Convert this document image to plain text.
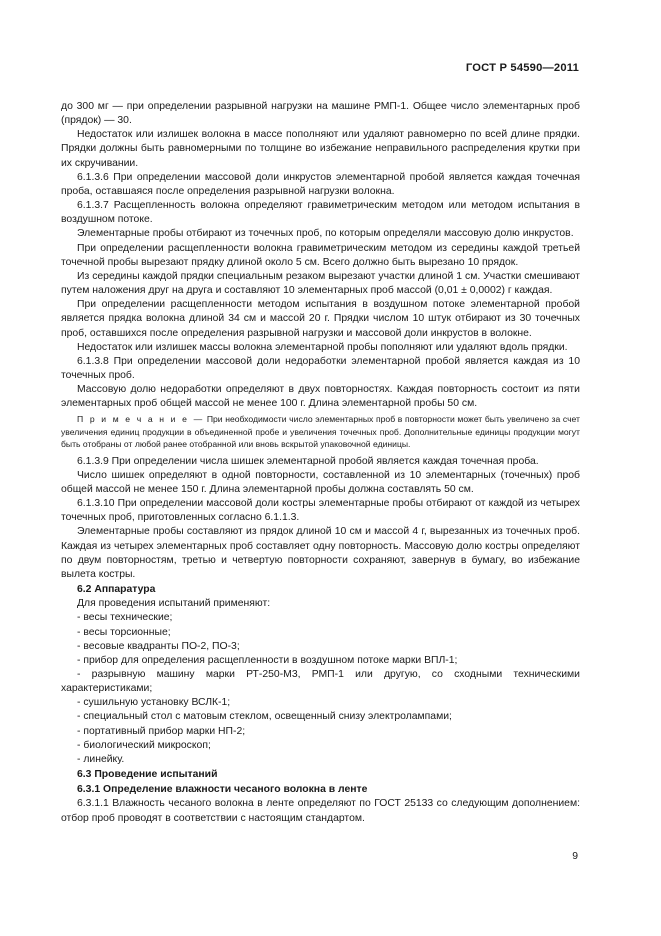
ГОСТ Р 54590—2011

до 300 мг — при определении разрывной нагрузки на машине РМП-1. Общее число элементарных проб (прядок) — 30.

Недостаток или излишек волокна в массе пополняют или удаляют равномерно по всей длине прядки. Прядки должны быть равномерными по толщине во избежание неправильного распределения крутки при их скручивании.

6.1.3.6 При определении массовой доли инкрустов элементарной пробой является каждая точечная проба, оставшаяся после определения разрывной нагрузки волокна.

6.1.3.7 Расщепленность волокна определяют гравиметрическим методом или методом испытания в воздушном потоке.

Элементарные пробы отбирают из точечных проб, по которым определяли массовую долю инкрустов.

При определении расщепленности волокна гравиметрическим методом из середины каждой третьей точечной пробы вырезают прядку длиной около 5 см. Всего должно быть вырезано 10 прядок.

Из середины каждой прядки специальным резаком вырезают участки длиной 1 см. Участки смешивают путем наложения друг на друга и составляют 10 элементарных проб массой (0,01 ± 0,0002) г каждая.

При определении расщепленности методом испытания в воздушном потоке элементарной пробой является прядка волокна длиной 34 см и массой 20 г. Прядки числом 10 штук отбирают из 30 точечных проб, оставшихся после определения разрывной нагрузки и массовой доли инкрустов в волокне.

Недостаток или излишек массы волокна элементарной пробы пополняют или удаляют вдоль прядки.

6.1.3.8 При определении массовой доли недоработки элементарной пробой является каждая из 10 точечных проб.

Массовую долю недоработки определяют в двух повторностях. Каждая повторность состоит из пяти элементарных проб общей массой не менее 100 г. Длина элементарной пробы 50 см.

П р и м е ч а н и е — При необходимости число элементарных проб в повторности может быть увеличено за счет увеличения единиц продукции в объединенной пробе и увеличения точечных проб. Дополнительные единицы продукции могут быть отобраны от любой ранее отобранной или вновь вскрытой упаковочной единицы.

6.1.3.9 При определении числа шишек элементарной пробой является каждая точечная проба.

Число шишек определяют в одной повторности, составленной из 10 элементарных (точечных) проб общей массой не менее 150 г. Длина элементарной пробы должна составлять 50 см.

6.1.3.10 При определении массовой доли костры элементарные пробы отбирают от каждой из четырех точечных проб, приготовленных согласно 6.1.1.3.

Элементарные пробы составляют из прядок длиной 10 см и массой 4 г, вырезанных из точечных проб. Каждая из четырех элементарных проб составляет одну повторность. Массовую долю костры определяют по двум повторностям, третью и четвертую повторности сохраняют, завернув в бумагу, во избежание вылета костры.

6.2 Аппаратура

Для проведения испытаний применяют:

- весы технические;

- весы торсионные;

- весовые квадранты ПО-2, ПО-3;

- прибор для определения расщепленности в воздушном потоке марки ВПЛ-1;

- разрывную машину марки РТ-250-М3, РМП-1 или другую, со сходными техническими характеристиками;

- сушильную установку ВСЛК-1;

- специальный стол с матовым стеклом, освещенный снизу электролампами;

- портативный прибор марки НП-2;

- биологический микроскоп;

- линейку.

6.3 Проведение испытаний

6.3.1 Определение влажности чесаного волокна в ленте

6.3.1.1 Влажность чесаного волокна в ленте определяют по ГОСТ 25133 со следующим дополнением: отбор проб проводят в соответствии с настоящим стандартом.

9
